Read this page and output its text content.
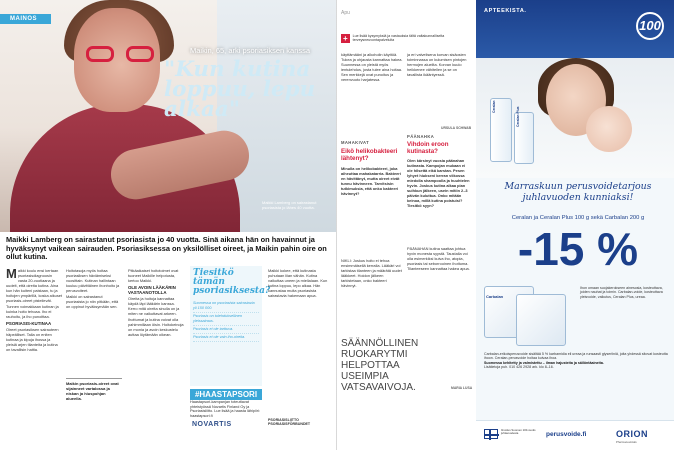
MAINOS
Maikin, 65, arki psoriasiksen kanssa
"Kun kutina loppuu, lepu alkaa"
Maikki Lamberg on sairastanut psoriasista jo lähes 40 vuotta.
Maikki Lamberg on sairastanut psoriasista jo 40 vuotta. Sinä aikana hän on havainnut ja hyväksynyt vaikean sairauden. Psoriasiksessa on yksilölliset oireet, ja Maikin pahin oire on ollut kutina.

Maikki koulu ensi kertaan psoriasisdiagnoosin vasta 20-vuotiaana ja uudelt, että oireita kutina. Aina kun hän kuiteni paistaan, tu ja hoitojen ympärillä, koska aikuset psoriasis-oireet pisteilevät.

Tunnen voimakkaan kutinan ja kuinka hoito tehoaa. Iho ei rauhoitu, ja iho punoittaa.

PSORIASIS-KUTINAA

Oireet psoriasiksen sairauteen häpeälliset. Talla on eniten kutinaa ja kipuja ihossa ja yleisiä arjen tilanteita ja kutina on tavallisin haitta.

Hoitotasoja myös hoitaa psoriasiksen häviämiseksi vuosittain. Kutinan hallintaan kuuluu päivittäinen ihonhoito ja perusvoiteet.

Maikki on sairastanut psoriasista jo niin pitkään, että on oppinut hyväksymään sen.

Maikin psoriasis-oireet ovat sijainneet vartalossa ja niskan ja hiuspohjan alueella.

Pitkäaikaiset hoitotoimet ovat tuoneet Maikille helpotusta, kertoo Maikki.

OLE AVOIN LÄÄKÄRIN VASTAANOTOLLA

Oireita ja hoitoja kannattaa käydä läpi lääkärin kanssa. Kerro mitä oireita sinulla on ja miten ne vaikuttavat arkeen.

Ihottumat ja kutina voivat olla pahimmillaan öisin. Hoitokeinoja on monia ja avoin keskustelu auttaa löytämään oikean.

Tiesitkö tämän psoriasiksesta?
Suomessa on psoriasista sairastavia yli 150 000.
Psoriasis on tulehduksellinen yleissairaus.
Psoriasis ei ole tarttuva.
Psoriasis ei ole vain iho-oireita.
#HAASTAPSORI
Haastapsori-kampanjan toteuttavat yhteistyössä Novartis Finland Oy ja Psoriasisliitto. Lue lisää ja haasta lähipiiri: haastapsori.fi
NOVARTIS
PSORIASISLIITTO PSORIASISFÖRBUNDET
Maikki kokee, että kutinasta puhutaan liian vähän. Kutina vaikuttaa uneen ja mielialaan. Kun kutina loppuu, lepo alkaa. Hän kannustaa muita psoriasista sairastavia hakemaan apua.
Apu
+	Lue lisää kysymyksiä ja vastauksia tältä valtakunnalliselta terveysneuvontapalvelulta
käyttämääni ja alkoholin käyttöä. Tukea ja ohjausta kannattaa hakea. Suunnessa on yleistä myös ientulehdus, josta tulee aina hoitaa. Sen merkkejä ovat punoitus ja verenvuoto harjatessa.
ja eri valvelisena korvan sisäosien toiminnassa on kulumisen pintojen hermojen alueilta. Korvan kuulo heikkenee vähitellen ja se on tavallista ikääntyessä.
URSULA SCHWAB
PÄÄNAHKA
Vihdoin eroon kutinasta?
Olen kärsinyt vuosia päänahan kutinasta. Kampojan mukaan ei ole hilsettä eikä karstan. Pesen lyhyet hiukseni kerran viikossa miedolla shampoolla ja huuhtelen hyvin. Joskus kutina alkaa pian suihkun jälkeen, usein mitiin 2–3 päivän kuluttua. Onko mitään keinoa, millä kutina poistuisi? Tiesitkö syyn?
PÄÄNAHAN kutina saattaa johtua hyvin monesta syystä. Taustalla voi olla esimerkiksi kuiva iho, atopia, psoriasis tai seborrooinen ihottuma. Tilanteeseen kannattaa hakea apua.
MARIA LUSA
MAHAKIVAT
Eikö helikobakteeri lähtenyt?
Minulla on helikobakteeri, joka aiheuttaa mahakatarria. Bakteeri en hävittänyt, mutta oireet eivät tunnu hävinneen. Tarvitsisin tutkimuksia, että onko bakteeri hävinnyt?
NIKLI: Joskus hoito ei tehoa ensimmäisellä kerralla. Lääkäri voi tarkistaa tilanteen ja määrätä uudet lääkkeet. Hoidon jälkeen tarkistetaan, onko bakteeri hävinnyt.
SÄÄNNÖLLINEN RUOKARYTMI HELPOTTAA USEIMPIA VATSAVAIVOJA.
APTEEKISTA.
100
Ceralan	Ceralan Plus
Marraskuun perusvoidetarjous juhlavuoden kunniaksi!
Ceralan ja Ceralan Plus 100 g sekä Carbalan 200 g
-15 %
Carbalan
Ihon omaan suojakerokseen ainesosia, kosteuttava, joiden nauhat ja toimin. Carbalan-voide, kosteuttava yleisvoide, vaikutus, Ceralan Plus, ureaa.

Carbalan-erikoisperusvoide sisältää 5 % karbamidia eli ureaa ja runsaasti glyseriiniä, joita yhdessä sitovat kosteutta ihoon. Ceralan-perusvoide hoitaa kuivaa ihoa.

Suomessa kehitetty ja valmistettu – ilman hajusteita ja säilöntäaineita.

Lisätietoja puh. 010 426 2928 ark. klo 8–16.

Ilmoitus Suomen 100-vuotis juhlavuodesta	perusvoide.fi	ORION
Pharmaceuticals
